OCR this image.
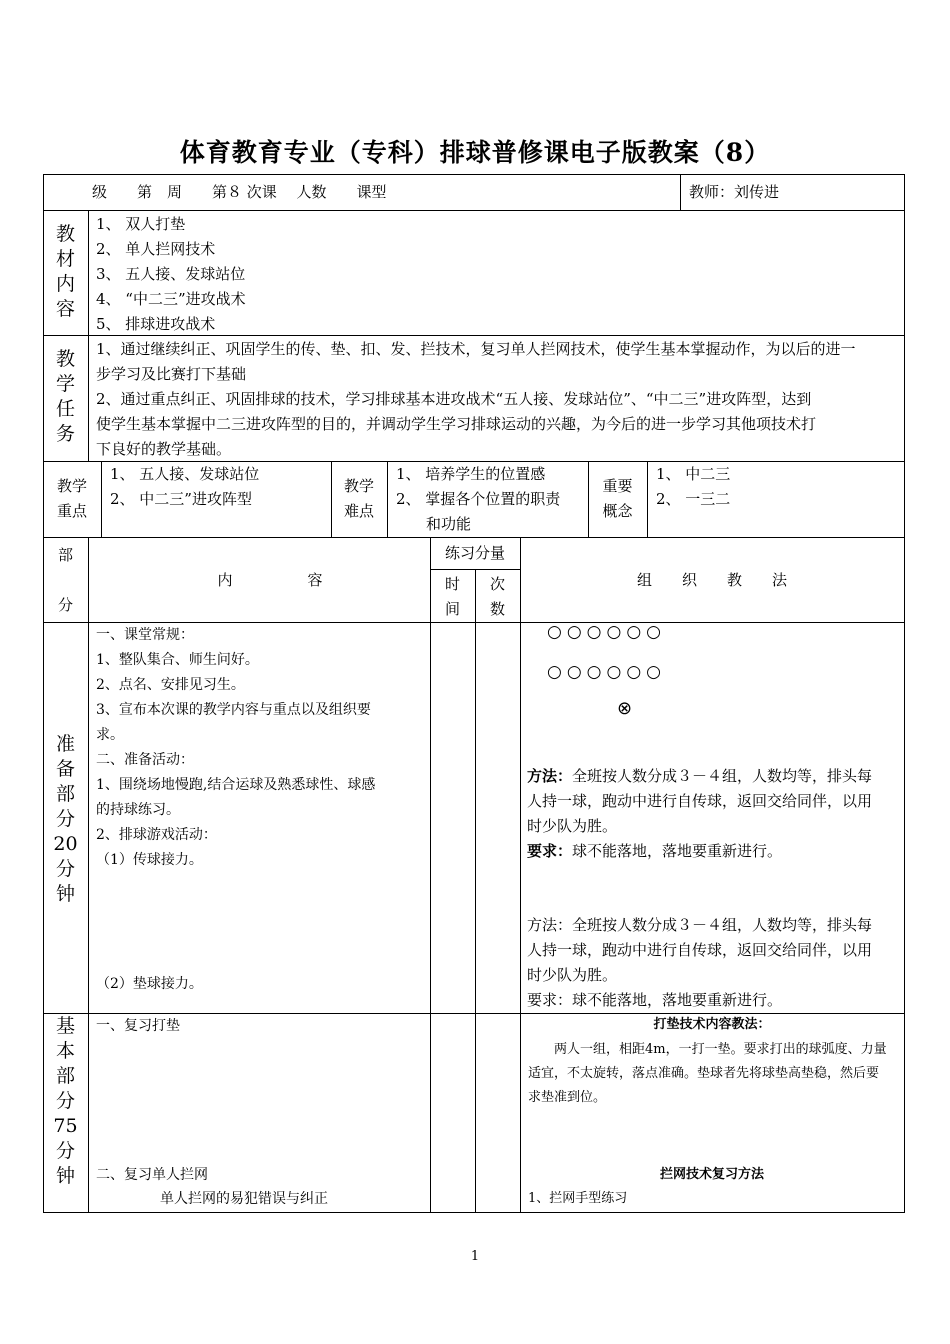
体育教育专业（专科）排球普修课电子版教案（8）
级　　第　周　　第８ 次课　 人数　　课型	教师：刘传进
教
材
内
容
1、 双人打垫
2、 单人拦网技术
3、 五人接、发球站位
4、 “中二三”进攻战术
5、 排球进攻战术
教
学
任
务
1、通过继续纠正、巩固学生的传、垫、扣、发、拦技术，复习单人拦网技术，使学生基本掌握动作，为以后的进一
步学习及比赛打下基础
2、通过重点纠正、巩固排球的技术，学习排球基本进攻战术“五人接、发球站位”、“中二三”进攻阵型，达到
使学生基本掌握中二三进攻阵型的目的，并调动学生学习排球运动的兴趣，为今后的进一步学习其他项技术打
下良好的教学基础。
教学
重点
1、 五人接、发球站位
2、 中二三”进攻阵型
教学
难点
1、 培养学生的位置感
2、 掌握各个位置的职责
和功能
重要
概念
1、 中二三
2、 一三二
部
分
内　　　　　容
练习分量
时
间
次
数
组　　织　　教　　法
准
备
部
分
20
分
钟
一、课堂常规：
1、整队集合、师生问好。
2、点名、安排见习生。
3、宣布本次课的教学内容与重点以及组织要
求。
二、准备活动：
1、围绕场地慢跑,结合运球及熟悉球性、球感
的持球练习。
2、排球游戏活动：
（1）传球接力。
（2）垫球接力。
○○○○○○
○○○○○○
⊗
方法：全班按人数分成３－４组，人数均等，排头每
人持一球，跑动中进行自传球，返回交给同伴，以用
时少队为胜。
要求：球不能落地，落地要重新进行。
方法：全班按人数分成３－４组，人数均等，排头每
人持一球，跑动中进行自传球，返回交给同伴，以用
时少队为胜。
要求：球不能落地，落地要重新进行。
基
本
部
分
75
分
钟
一、复习打垫
二、复习单人拦网
单人拦网的易犯错误与纠正
打垫技术内容教法：
两人一组，相距4m，一打一垫。要求打出的球弧度、力量
适宜，不太旋转，落点准确。垫球者先将球垫高垫稳，然后要
求垫准到位。
拦网技术复习方法
1、拦网手型练习
1
